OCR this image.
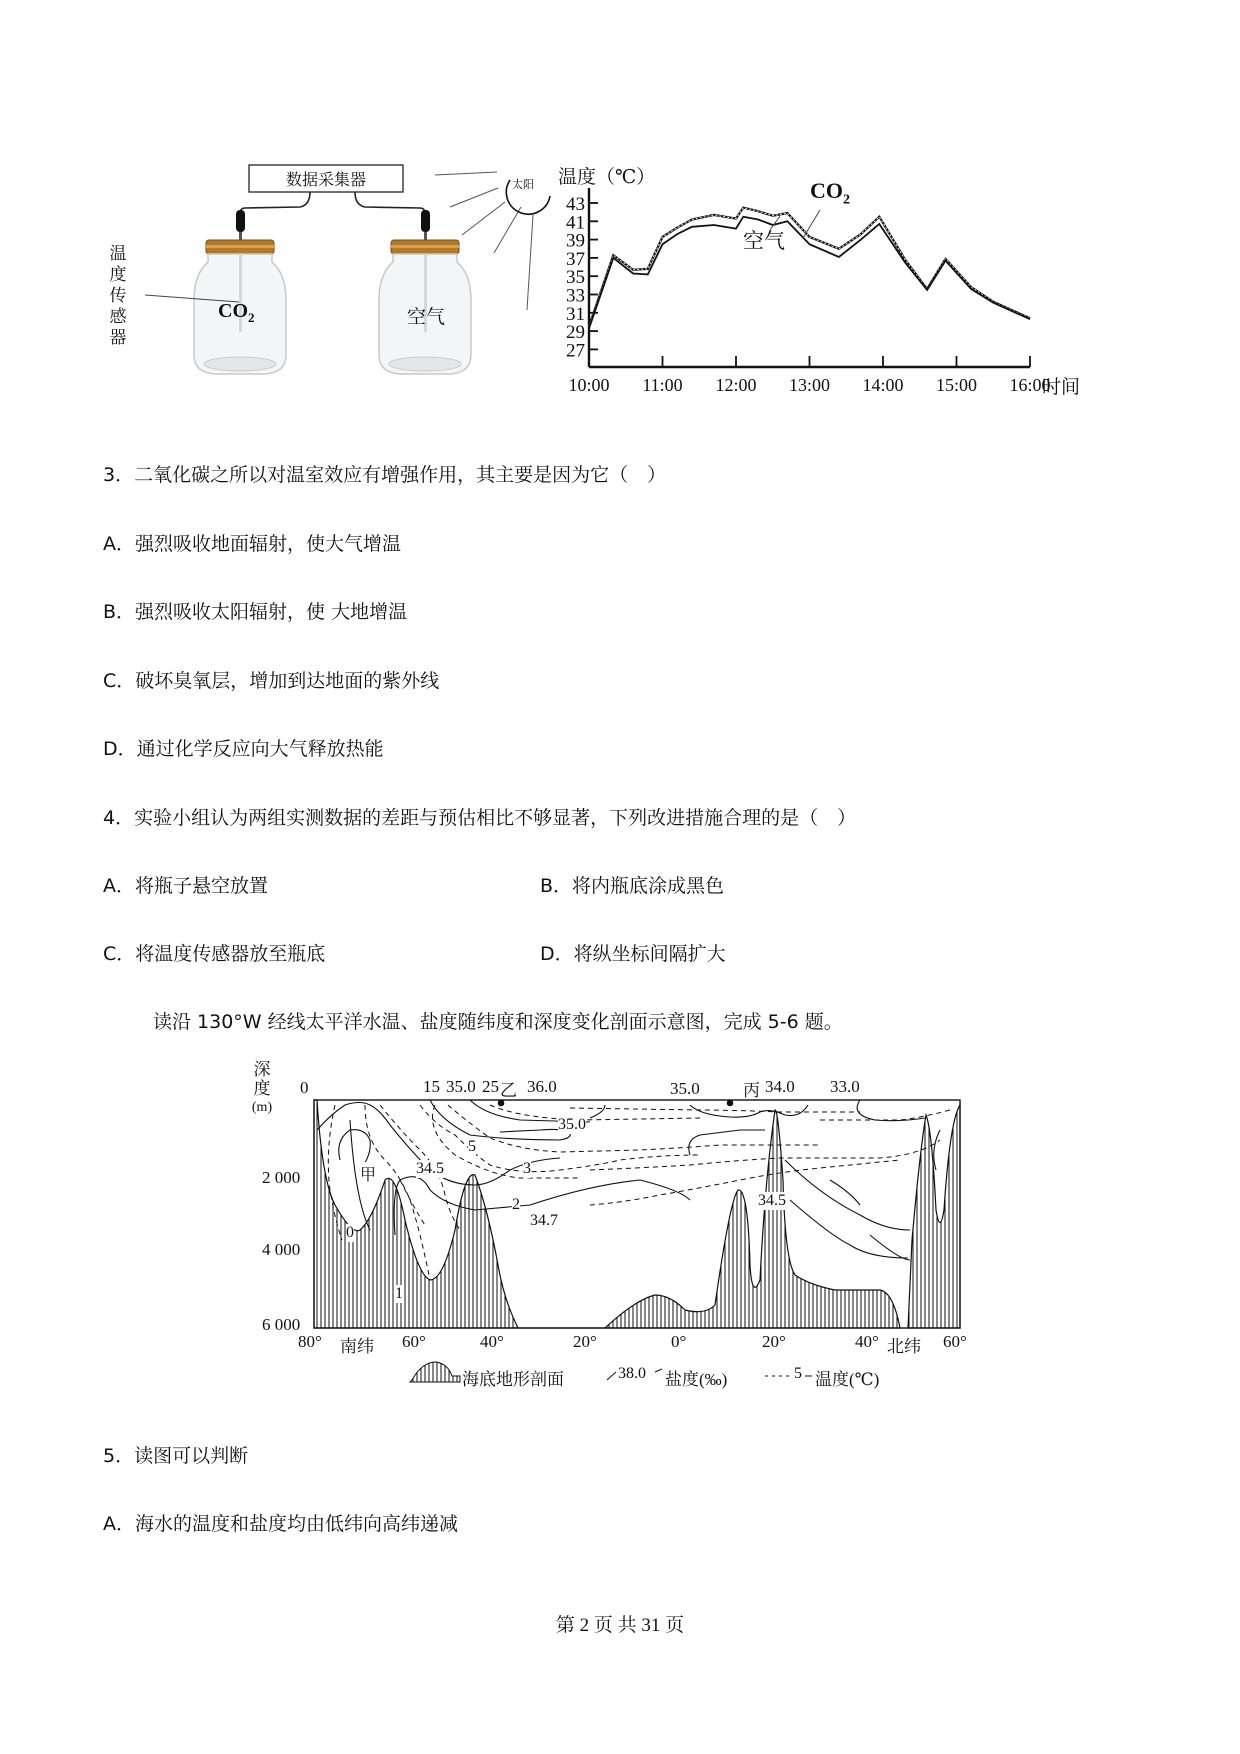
数据采集器	太阳
温
度
传
感
器
$CO_2$	空气
43
41
39
37
35
33
31
29
27
10:00 11:00 12:00 13:00 14:00 15:00 16:00
温度（℃）
时间
$CO_2$
空气
3．二氧化碳之所以对温室效应有增强作用，其主要是因为它（　）
A．强烈吸收地面辐射，使大气增温
B．强烈吸收太阳辐射，使 大地增温
C．破坏臭氧层，增加到达地面的紫外线
D．通过化学反应向大气释放热能
4．实验小组认为两组实测数据的差距与预估相比不够显著，下列改进措施合理的是（　）
A．将瓶子悬空放置	B．将内瓶底涂成黑色
C．将温度传感器放至瓶底	D．将纵坐标间隔扩大
读沿 130°W 经线太平洋水温、盐度随纬度和深度变化剖面示意图，完成 5-6 题。
深
度
(m)
0
2 000
4 000
6 000
80° 南纬 60°	40°	20°	0°	20°	40° 北纬 60°
15 35.0 25 乙 36.0	35.0	丙 34.0 33.0
甲
0
1
2
3
5
34.5
34.5
34.7
35.0
海底地形剖面	38.0 盐度(‰)	5 温度(℃)
5．读图可以判断
A．海水的温度和盐度均由低纬向高纬递减
第 2 页 共 31 页
